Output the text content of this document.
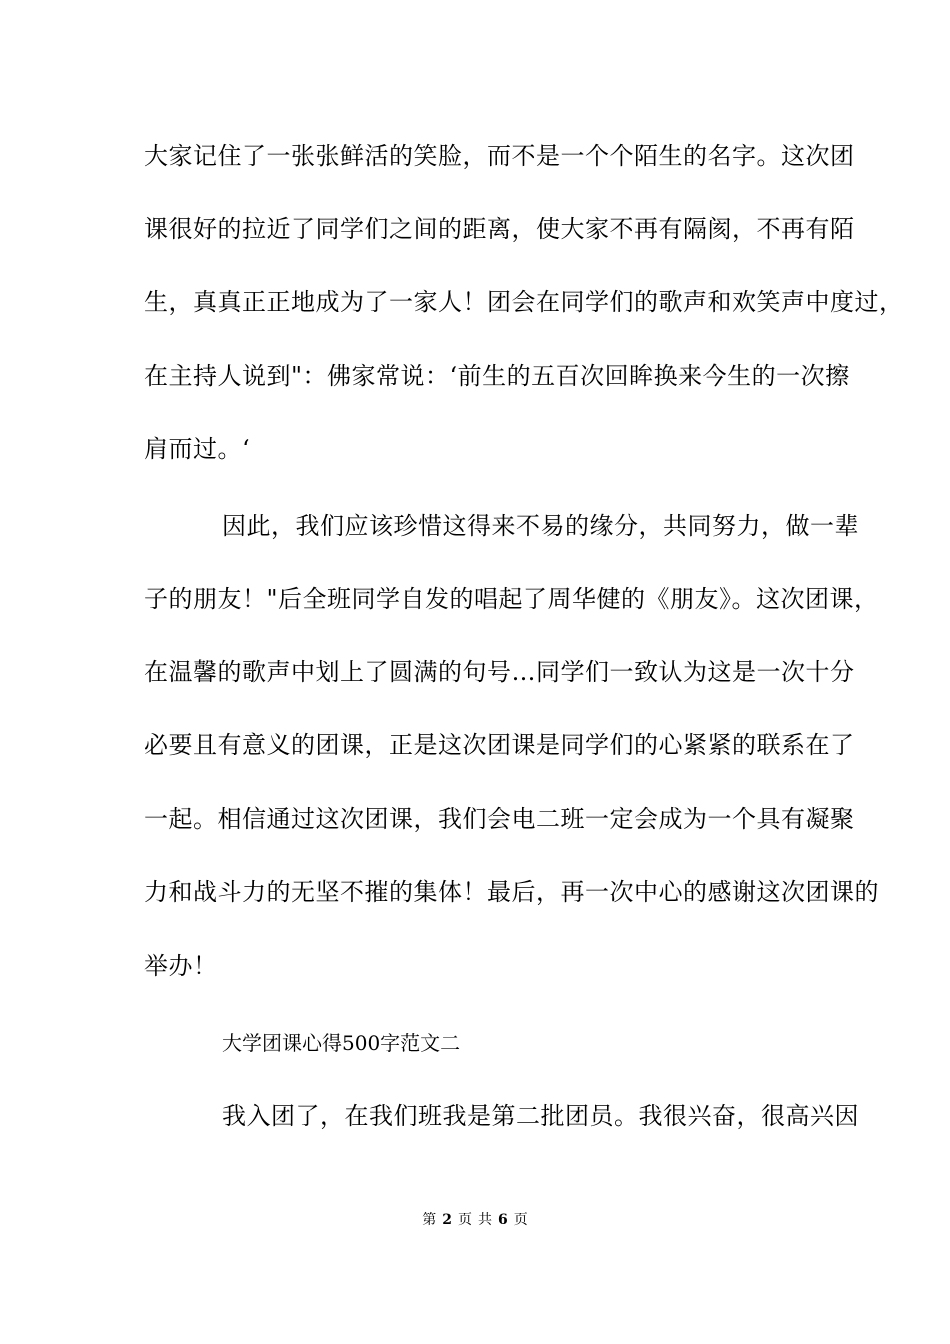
大家记住了一张张鲜活的笑脸，而不是一个个陌生的名字。这次团
课很好的拉近了同学们之间的距离，使大家不再有隔阂，不再有陌
生，真真正正地成为了一家人！团会在同学们的歌声和欢笑声中度过，
在主持人说到"：佛家常说：‘前生的五百次回眸换来今生的一次擦
肩而过。‘
因此，我们应该珍惜这得来不易的缘分，共同努力，做一辈
子的朋友！"后全班同学自发的唱起了周华健的《朋友》。这次团课，
在温馨的歌声中划上了圆满的句号…同学们一致认为这是一次十分
必要且有意义的团课，正是这次团课是同学们的心紧紧的联系在了
一起。相信通过这次团课，我们会电二班一定会成为一个具有凝聚
力和战斗力的无坚不摧的集体！最后，再一次中心的感谢这次团课的
举办！
大学团课心得500字范文二
我入团了，在我们班我是第二批团员。我很兴奋，很高兴因
第 2 页 共 6 页
